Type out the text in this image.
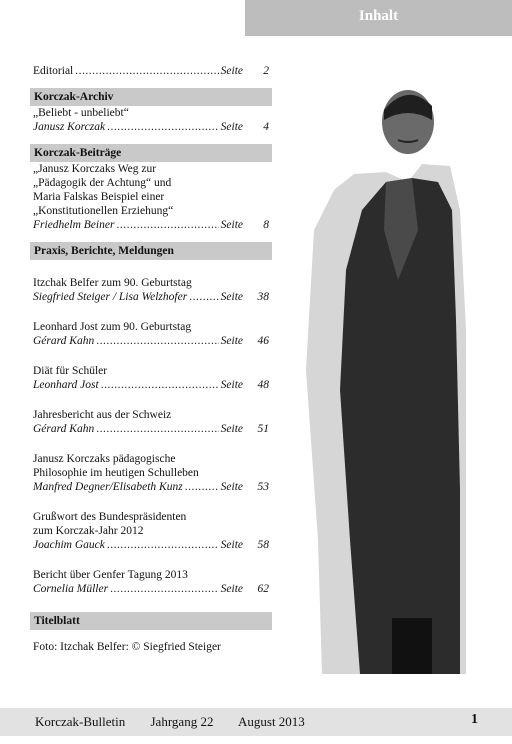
Inhalt
Editorial .....	Seite	2
Korczak-Archiv
„Beliebt - unbeliebt“
Janusz Korczak .....	Seite	4
Korczak-Beiträge
„Janusz Korczaks Weg zur
„Pädagogik der Achtung“ und
Maria Falskas Beispiel einer
„Konstitutionellen Erziehung“
Friedhelm Beiner .....	Seite	8
Praxis, Berichte, Meldungen
Itzchak Belfer zum 90. Geburtstag
Siegfried Steiger / Lisa Welzhofer .....	Seite	38
Leonhard Jost zum 90. Geburtstag
Gérard Kahn .....	Seite	46
Diät für Schüler
Leonhard Jost .....	Seite	48
Jahresbericht aus der Schweiz
Gérard Kahn .....	Seite	51
Janusz Korczaks pädagogische
Philosophie im heutigen Schulleben
Manfred Degner/Elisabeth Kunz .....	Seite	53
Grußwort des Bundespräsidenten
zum Korczak-Jahr 2012
Joachim Gauck .....	Seite	58
Bericht über Genfer Tagung 2013
Cornelia Müller .....	Seite	62
Titelblatt
Foto: Itzchak Belfer: © Siegfried Steiger
Korczak-Bulletin Jahrgang 22 August 2013	1
